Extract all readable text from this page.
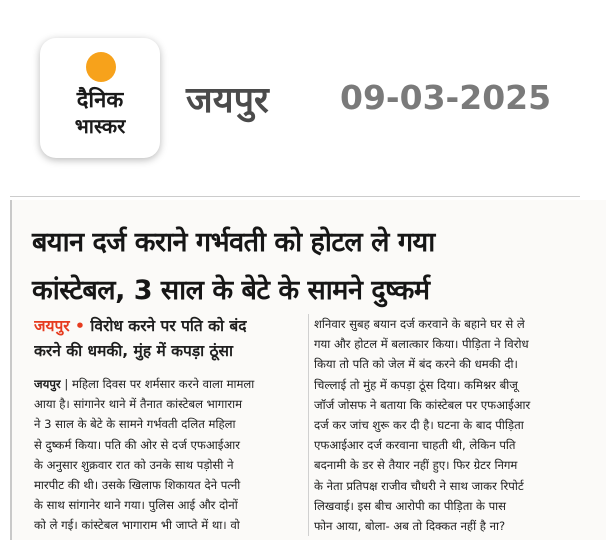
दैनिक
भास्कर
जयपुर 09-03-2025
बयान दर्ज कराने गर्भवती को होटल ले गया
कांस्टेबल, 3 साल के बेटे के सामने दुष्कर्म
जयपुर • विरोध करने पर पति को बंद
करने की धमकी, मुंह में कपड़ा ठूंसा
जयपुर | महिला दिवस पर शर्मसार करने वाला मामला
आया है। सांगानेर थाने में तैनात कांस्टेबल भागाराम
ने 3 साल के बेटे के सामने गर्भवती दलित महिला
से दुष्कर्म किया। पति की ओर से दर्ज एफआईआर
के अनुसार शुक्रवार रात को उनके साथ पड़ोसी ने
मारपीट की थी। उसके खिलाफ शिकायत देने पत्नी
के साथ सांगानेर थाने गया। पुलिस आई और दोनों
को ले गई। कांस्टेबल भागाराम भी जाप्ते में था। वो
शनिवार सुबह बयान दर्ज करवाने के बहाने घर से ले
गया और होटल में बलात्कार किया। पीड़िता ने विरोध
किया तो पति को जेल में बंद करने की धमकी दी।
चिल्लाई तो मुंह में कपड़ा ठूंस दिया। कमिश्नर बीजू
जॉर्ज जोसफ ने बताया कि कांस्टेबल पर एफआईआर
दर्ज कर जांच शुरू कर दी है। घटना के बाद पीड़िता
एफआईआर दर्ज करवाना चाहती थी, लेकिन पति
बदनामी के डर से तैयार नहीं हुए। फिर ग्रेटर निगम
के नेता प्रतिपक्ष राजीव चौधरी ने साथ जाकर रिपोर्ट
लिखवाई। इस बीच आरोपी का पीड़िता के पास
फोन आया, बोला- अब तो दिक्कत नहीं है ना?
